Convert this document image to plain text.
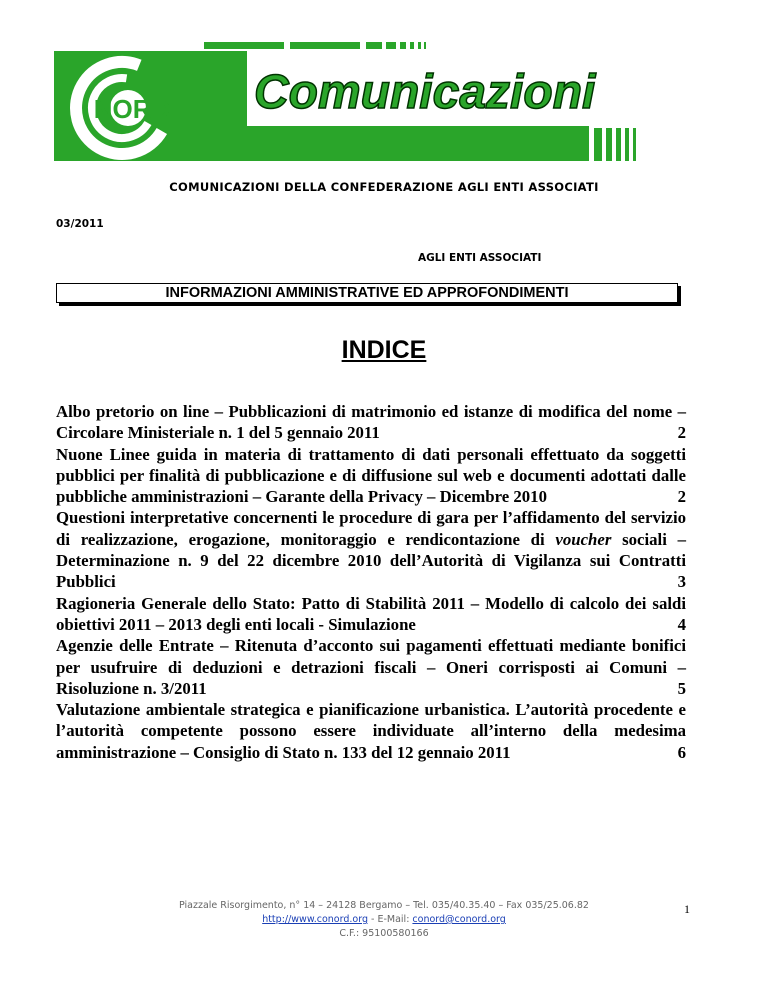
NORD Comunicazioni
COMUNICAZIONI DELLA CONFEDERAZIONE AGLI ENTI ASSOCIATI
03/2011
AGLI ENTI ASSOCIATI
INFORMAZIONI AMMINISTRATIVE ED APPROFONDIMENTI
INDICE

Albo pretorio on line – Pubblicazioni di matrimonio ed istanze di modifica del nome – Circolare Ministeriale n. 1 del 5 gennaio 2011	2

Nuone Linee guida in materia di trattamento di dati personali effettuato da soggetti pubblici per finalità di pubblicazione e di diffusione sul web e documenti adottati dalle pubbliche amministrazioni – Garante della Privacy – Dicembre 2010	2

Questioni interpretative concernenti le procedure di gara per l’affidamento del servizio di realizzazione, erogazione, monitoraggio e rendicontazione di voucher sociali – Determinazione n. 9 del 22 dicembre 2010 dell’Autorità di Vigilanza sui Contratti Pubblici	3

Ragioneria Generale dello Stato: Patto di Stabilità 2011 – Modello di calcolo dei saldi obiettivi 2011 – 2013 degli enti locali - Simulazione	4

Agenzie delle Entrate – Ritenuta d’acconto sui pagamenti effettuati mediante bonifici per usufruire di deduzioni e detrazioni fiscali – Oneri corrisposti ai Comuni – Risoluzione n. 3/2011	5

Valutazione ambientale strategica e pianificazione urbanistica. L’autorità procedente e l’autorità competente possono essere individuate all’interno della medesima amministrazione – Consiglio di Stato n. 133 del 12 gennaio 2011	6

Piazzale Risorgimento, n° 14 – 24128 Bergamo – Tel. 035/40.35.40 – Fax 035/25.06.82
http://www.conord.org - E-Mail: conord@conord.org
C.F.: 95100580166
1
